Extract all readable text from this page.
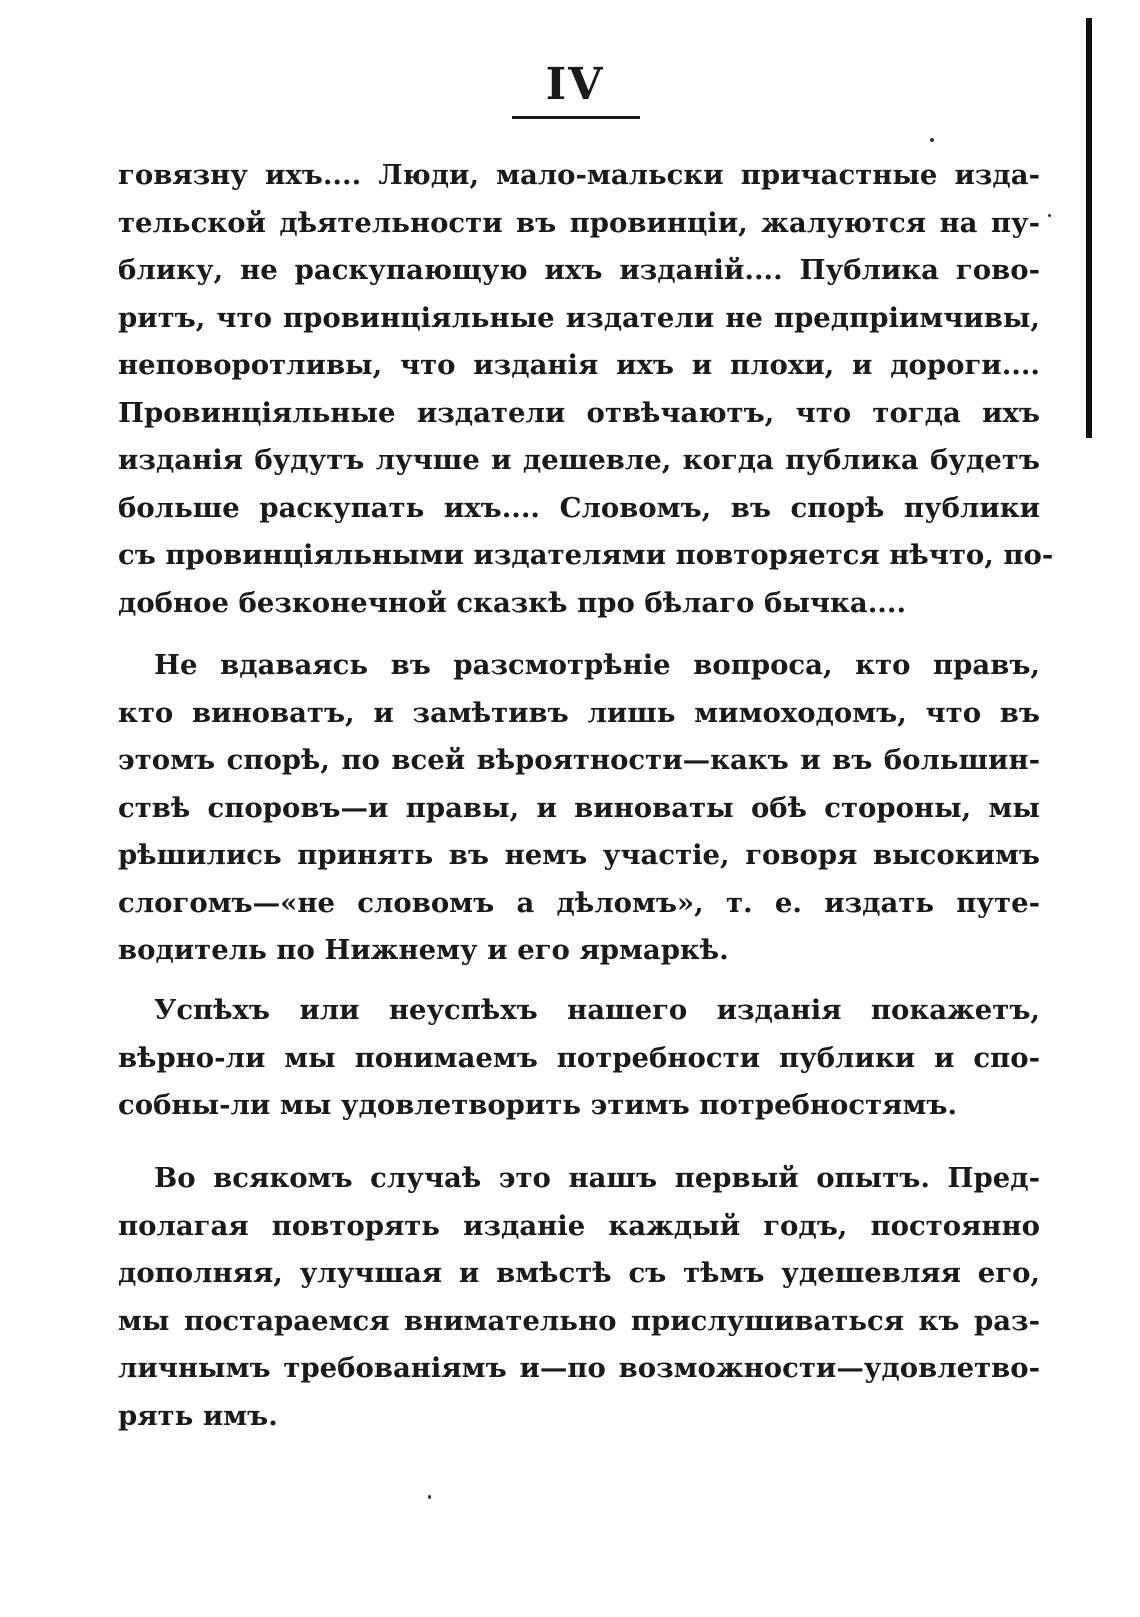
IV
говязну ихъ.... Люди, мало-мальски причастные изда-
тельской дѣятельности въ провинціи, жалуются на пу-
блику, не раскупающую ихъ изданій.... Публика гово-
ритъ, что провинціяльные издатели не предпріимчивы,
неповоротливы, что изданія ихъ и плохи, и дороги....
Провинціяльные издатели отвѣчаютъ, что тогда ихъ
изданія будутъ лучше и дешевле, когда публика будетъ
больше раскупать ихъ.... Словомъ, въ спорѣ публики
съ провинціяльными издателями повторяется нѣчто, по-
добное безконечной сказкѣ про бѣлаго бычка....
Не вдаваясь въ разсмотрѣніе вопроса, кто правъ,
кто виноватъ, и замѣтивъ лишь мимоходомъ, что въ
этомъ спорѣ, по всей вѣроятности—какъ и въ большин-
ствѣ споровъ—и правы, и виноваты обѣ стороны, мы
рѣшились принять въ немъ участіе, говоря высокимъ
слогомъ—«не словомъ а дѣломъ», т. е. издать путе-
водитель по Нижнему и его ярмаркѣ.
Успѣхъ или неуспѣхъ нашего изданія покажетъ,
вѣрно-ли мы понимаемъ потребности публики и спо-
собны-ли мы удовлетворить этимъ потребностямъ.
Во всякомъ случаѣ это нашъ первый опытъ. Пред-
полагая повторять изданіе каждый годъ, постоянно
дополняя, улучшая и вмѣстѣ съ тѣмъ удешевляя его,
мы постараемся внимательно прислушиваться къ раз-
личнымъ требованіямъ и—по возможности—удовлетво-
рять имъ.
